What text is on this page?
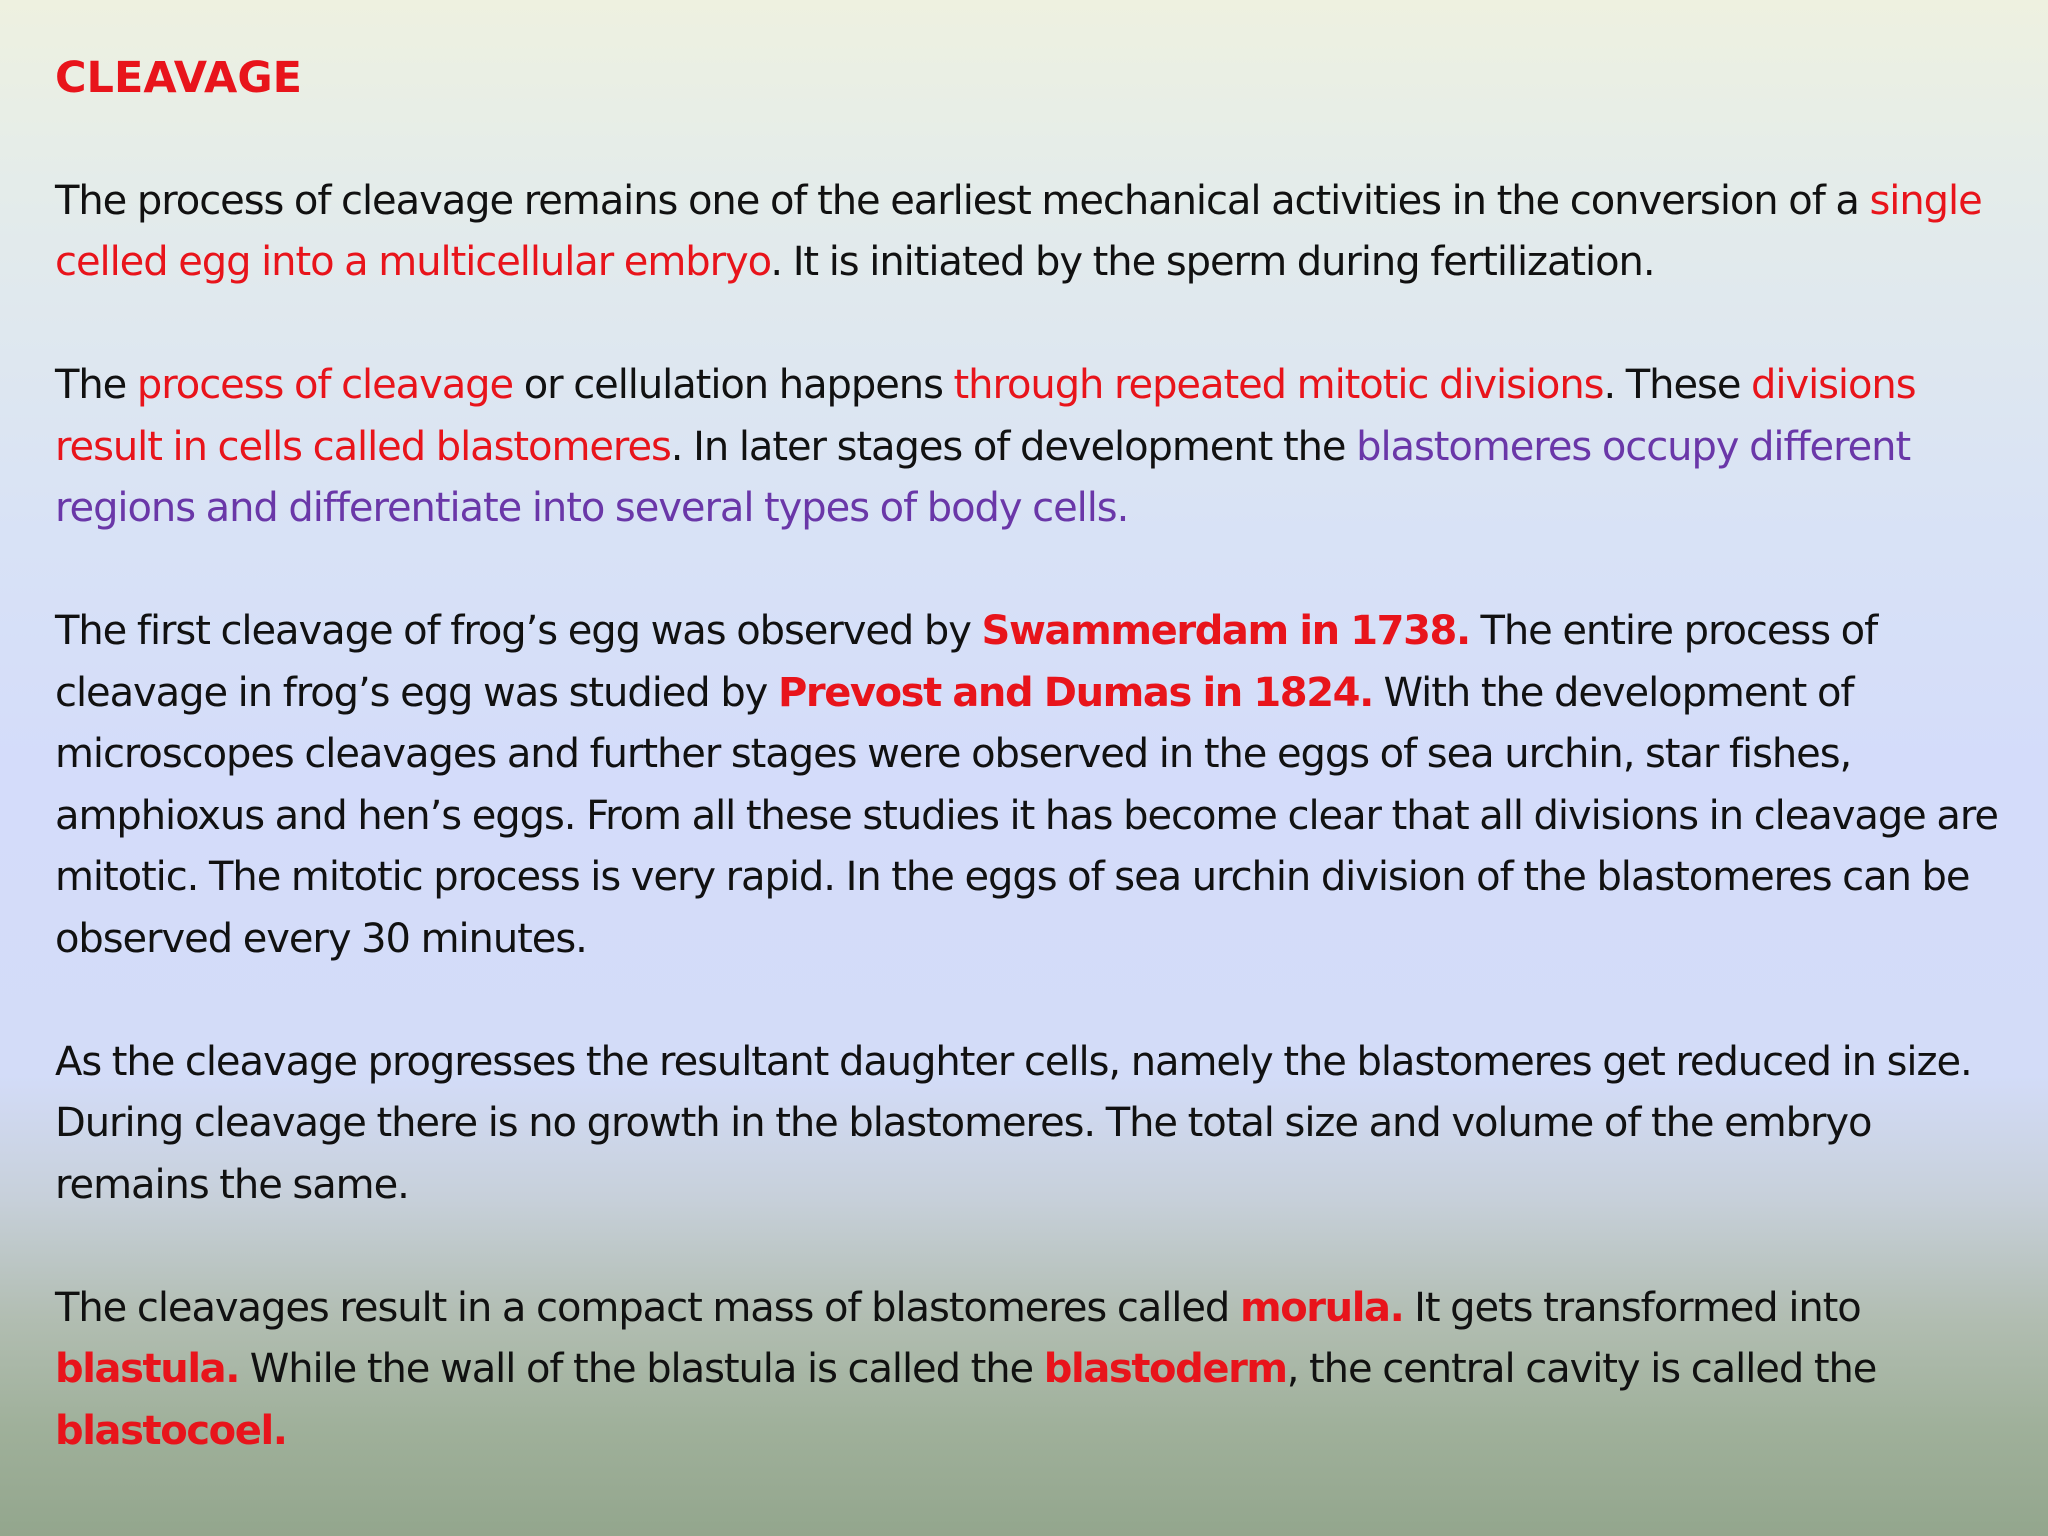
CLEAVAGE

The process of cleavage remains one of the earliest mechanical activities in the conversion of a single celled egg into a multicellular embryo. It is initiated by the sperm during fertilization.

The process of cleavage or cellulation happens through repeated mitotic divisions. These divisions result in cells called blastomeres. In later stages of development the blastomeres occupy different regions and differentiate into several types of body cells.

The first cleavage of frog’s egg was observed by Swammerdam in 1738. The entire process of cleavage in frog’s egg was studied by Prevost and Dumas in 1824. With the development of microscopes cleavages and further stages were observed in the eggs of sea urchin, star fishes, amphioxus and hen’s eggs. From all these studies it has become clear that all divisions in cleavage are mitotic. The mitotic process is very rapid. In the eggs of sea urchin division of the blastomeres can be observed every 30 minutes.

As the cleavage progresses the resultant daughter cells, namely the blastomeres get reduced in size. During cleavage there is no growth in the blastomeres. The total size and volume of the embryo remains the same.

The cleavages result in a compact mass of blastomeres called morula. It gets transformed into blastula. While the wall of the blastula is called the blastoderm, the central cavity is called the blastocoel.
